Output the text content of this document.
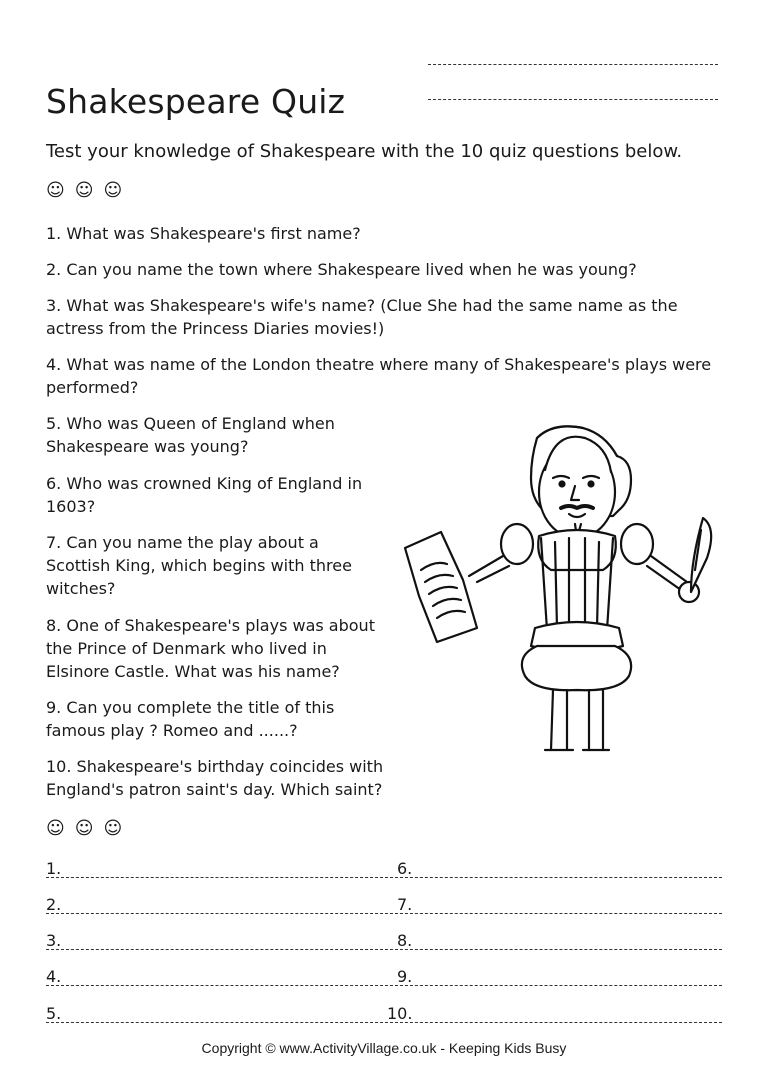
Shakespeare Quiz

Test your knowledge of Shakespeare with the 10 quiz questions below.

☺☺☺

1. What was Shakespeare's first name?

2. Can you name the town where Shakespeare lived when he was young?

3. What was Shakespeare's wife's name? (Clue She had the same name as the actress from the Princess Diaries movies!)

4. What was name of the London theatre where many of Shakespeare's plays were performed?

5. Who was Queen of England when Shakespeare was young?

6. Who was crowned King of England in 1603?

7. Can you name the play about a Scottish King, which begins with three witches?

8. One of Shakespeare's plays was about the Prince of Denmark who lived in Elsinore Castle. What was his name?

9. Can you complete the title of this famous play ? Romeo and ......?

10. Shakespeare's birthday coincides with England's patron saint's day. Which saint?

☺☺☺
1.	6.
2.	7.
3.	8.
4.	9.
5.	10.
Copyright © www.ActivityVillage.co.uk - Keeping Kids Busy
